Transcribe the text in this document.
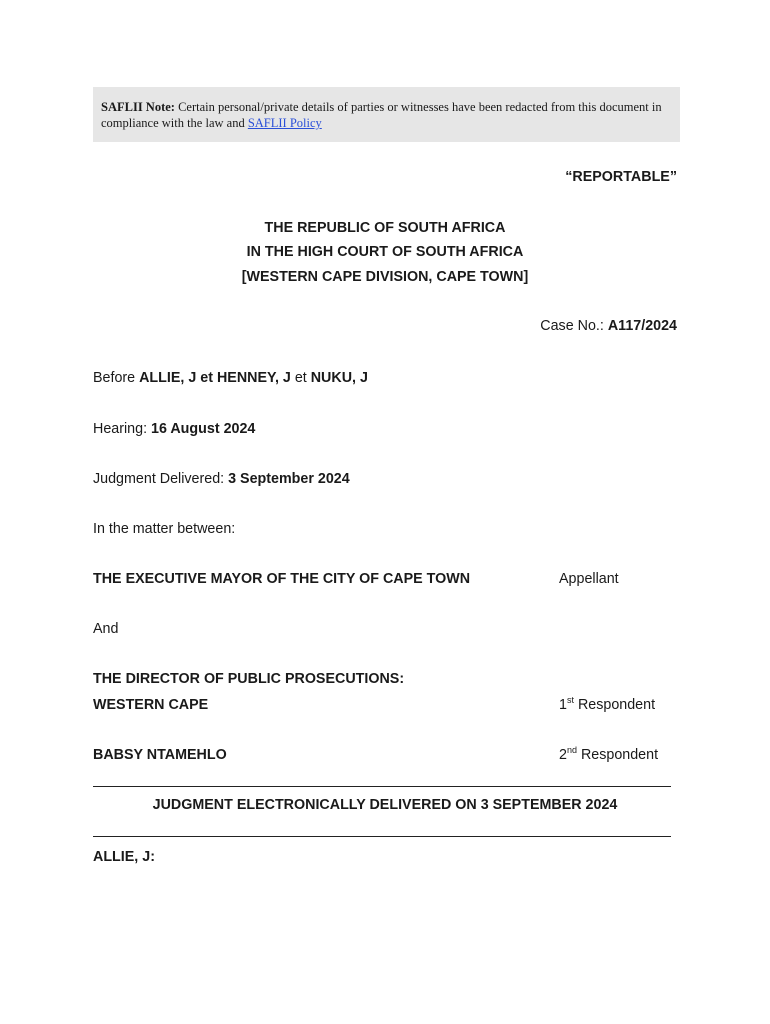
SAFLII Note: Certain personal/private details of parties or witnesses have been redacted from this document in compliance with the law and SAFLII Policy
“REPORTABLE”
THE REPUBLIC OF SOUTH AFRICA
IN THE HIGH COURT OF SOUTH AFRICA
[WESTERN CAPE DIVISION, CAPE TOWN]
Case No.: A117/2024
Before ALLIE, J et HENNEY, J et NUKU, J
Hearing: 16 August 2024
Judgment Delivered: 3 September 2024
In the matter between:
THE EXECUTIVE MAYOR OF THE CITY OF CAPE TOWN	Appellant
And
THE DIRECTOR OF PUBLIC PROSECUTIONS:
WESTERN CAPE	1st Respondent
BABSY NTAMEHLO	2nd Respondent
JUDGMENT ELECTRONICALLY DELIVERED ON 3 SEPTEMBER 2024
ALLIE, J:
